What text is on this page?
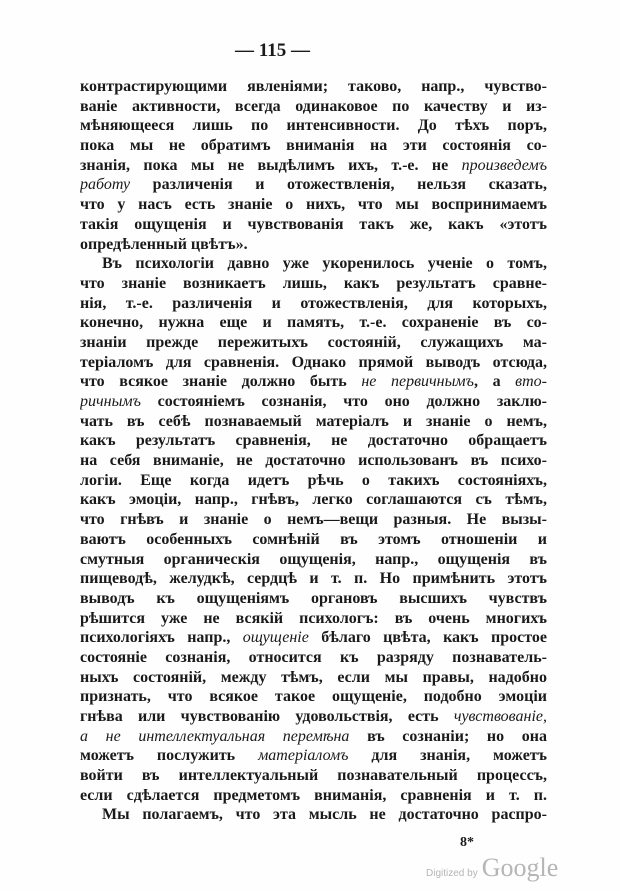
— 115 —
контрастирующими явленіями; таково, напр., чувство-
ваніе активности, всегда одинаковое по качеству и из-
мѣняющееся лишь по интенсивности. До тѣхъ поръ,
пока мы не обратимъ вниманія на эти состоянія со-
знанія, пока мы не выдѣлимъ ихъ, т.-е. не произведемъ
работу различенія и отожествленія, нельзя сказать,
что у насъ есть знаніе о нихъ, что мы воспринимаемъ
такія ощущенія и чувствованія такъ же, какъ «этотъ
опредѣленный цвѣтъ».
Въ психологіи давно уже укоренилось ученіе о томъ,
что знаніе возникаетъ лишь, какъ результатъ сравне-
нія, т.-е. различенія и отожествленія, для которыхъ,
конечно, нужна еще и память, т.-е. сохраненіе въ со-
знаніи прежде пережитыхъ состояній, служащихъ ма-
теріаломъ для сравненія. Однако прямой выводъ отсюда,
что всякое знаніе должно быть не первичнымъ, а вто-
ричнымъ состояніемъ сознанія, что оно должно заклю-
чать въ себѣ познаваемый матеріалъ и знаніе о немъ,
какъ результатъ сравненія, не достаточно обращаетъ
на себя вниманіе, не достаточно использованъ въ психо-
логіи. Еще когда идетъ рѣчь о такихъ состояніяхъ,
какъ эмоціи, напр., гнѣвъ, легко соглашаются съ тѣмъ,
что гнѣвъ и знаніе о немъ—вещи разныя. Не вызы-
ваютъ особенныхъ сомнѣній въ этомъ отношеніи и
смутныя органическія ощущенія, напр., ощущенія въ
пищеводѣ, желудкѣ, сердцѣ и т. п. Но примѣнить этотъ
выводъ къ ощущеніямъ органовъ высшихъ чувствъ
рѣшится уже не всякій психологъ: въ очень многихъ
психологіяхъ напр., ощущеніе бѣлаго цвѣта, какъ простое
состояніе сознанія, относится къ разряду познаватель-
ныхъ состояній, между тѣмъ, если мы правы, надобно
признать, что всякое такое ощущеніе, подобно эмоціи
гнѣва или чувствованію удовольствія, есть чувствованіе,
а не интеллектуальная перемѣна въ сознаніи; но она
можетъ послужить матеріаломъ для знанія, можетъ
войти въ интеллектуальный познавательный процессъ,
если сдѣлается предметомъ вниманія, сравненія и т. п.
Мы полагаемъ, что эта мысль не достаточно распро-
8*
Digitized by Google
